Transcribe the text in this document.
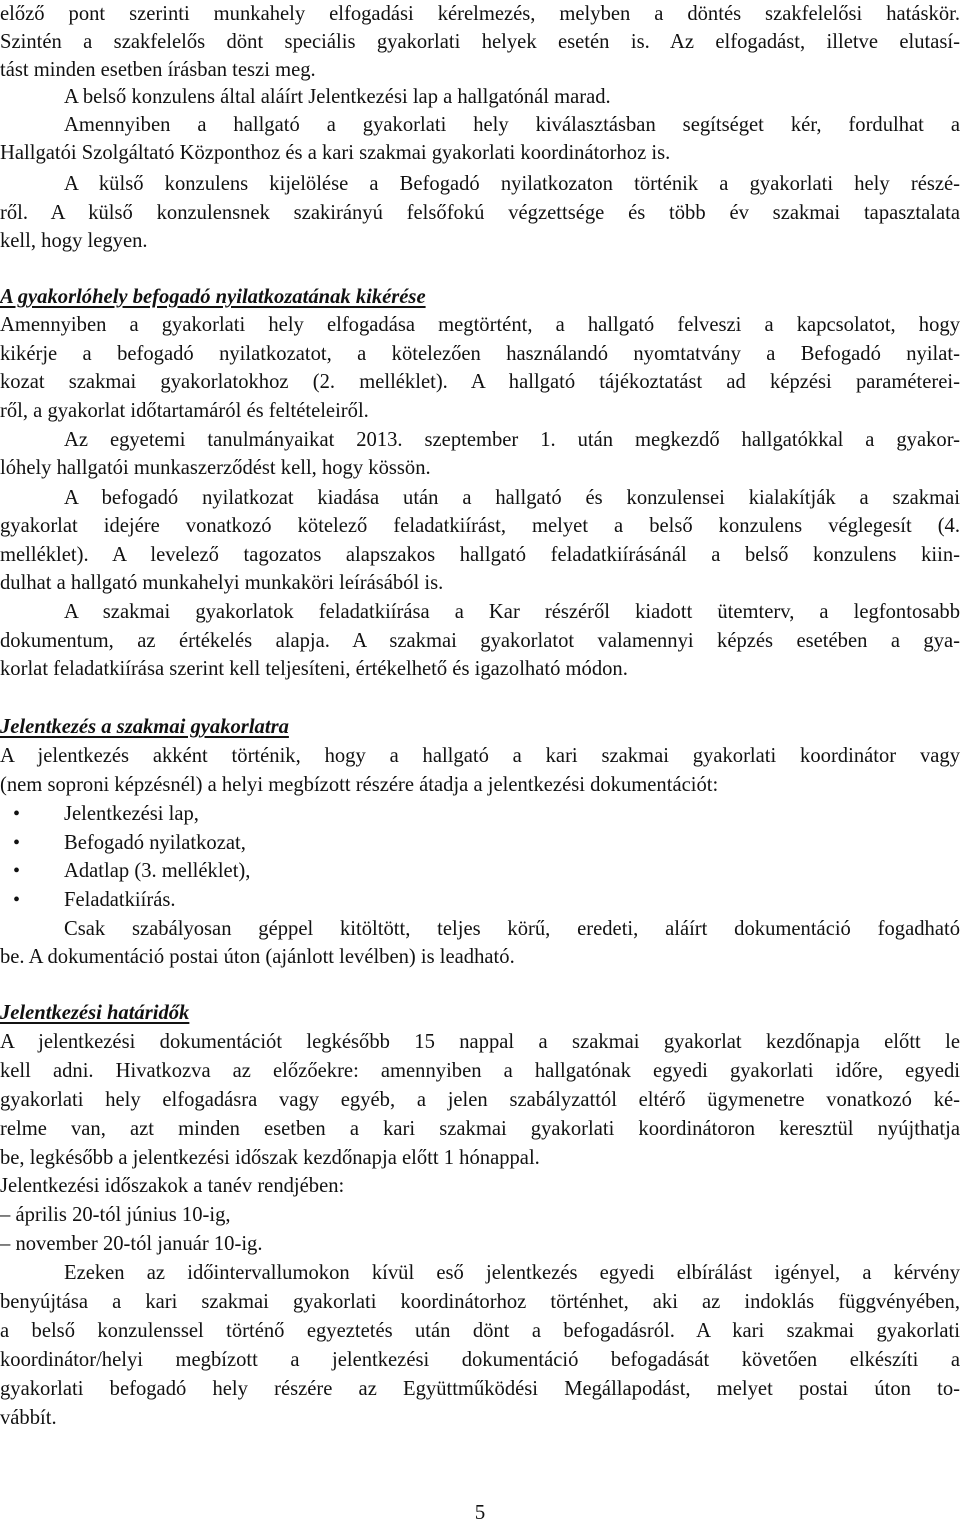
előző pont szerinti munkahely elfogadási kérelmezés, melyben a döntés szakfelelősi hatáskör.
Szintén a szakfelelős dönt speciális gyakorlati helyek esetén is. Az elfogadást, illetve elutasí-
tást minden esetben írásban teszi meg.
A belső konzulens által aláírt Jelentkezési lap a hallgatónál marad.
Amennyiben a hallgató a gyakorlati hely kiválasztásban segítséget kér, fordulhat a
Hallgatói Szolgáltató Központhoz és a kari szakmai gyakorlati koordinátorhoz is.
A külső konzulens kijelölése a Befogadó nyilatkozaton történik a gyakorlati hely részé-
ről. A külső konzulensnek szakirányú felsőfokú végzettsége és több év szakmai tapasztalata
kell, hogy legyen.
A gyakorlóhely befogadó nyilatkozatának kikérése
Amennyiben a gyakorlati hely elfogadása megtörtént, a hallgató felveszi a kapcsolatot, hogy
kikérje a befogadó nyilatkozatot, a kötelezően használandó nyomtatvány a Befogadó nyilat-
kozat szakmai gyakorlatokhoz (2. melléklet). A hallgató tájékoztatást ad képzési paraméterei-
ről, a gyakorlat időtartamáról és feltételeiről.
Az egyetemi tanulmányaikat 2013. szeptember 1. után megkezdő hallgatókkal a gyakor-
lóhely hallgatói munkaszerződést kell, hogy kössön.
A befogadó nyilatkozat kiadása után a hallgató és konzulensei kialakítják a szakmai
gyakorlat idejére vonatkozó kötelező feladatkiírást, melyet a belső konzulens véglegesít (4.
melléklet). A levelező tagozatos alapszakos hallgató feladatkiírásánál a belső konzulens kiin-
dulhat a hallgató munkahelyi munkaköri leírásából is.
A szakmai gyakorlatok feladatkiírása a Kar részéről kiadott ütemterv, a legfontosabb
dokumentum, az értékelés alapja. A szakmai gyakorlatot valamennyi képzés esetében a gya-
korlat feladatkiírása szerint kell teljesíteni, értékelhető és igazolható módon.
Jelentkezés a szakmai gyakorlatra
A jelentkezés akként történik, hogy a hallgató a kari szakmai gyakorlati koordinátor vagy
(nem soproni képzésnél) a helyi megbízott részére átadja a jelentkezési dokumentációt:
• Jelentkezési lap,
• Befogadó nyilatkozat,
• Adatlap (3. melléklet),
• Feladatkiírás.
Csak szabályosan géppel kitöltött, teljes körű, eredeti, aláírt dokumentáció fogadható
be. A dokumentáció postai úton (ajánlott levélben) is leadható.
Jelentkezési határidők
A jelentkezési dokumentációt legkésőbb 15 nappal a szakmai gyakorlat kezdőnapja előtt le
kell adni. Hivatkozva az előzőekre: amennyiben a hallgatónak egyedi gyakorlati időre, egyedi
gyakorlati hely elfogadásra vagy egyéb, a jelen szabályzattól eltérő ügymenetre vonatkozó ké-
relme van, azt minden esetben a kari szakmai gyakorlati koordinátoron keresztül nyújthatja
be, legkésőbb a jelentkezési időszak kezdőnapja előtt 1 hónappal.
Jelentkezési időszakok a tanév rendjében:
– április 20-tól június 10-ig,
– november 20-tól január 10-ig.
Ezeken az időintervallumokon kívül eső jelentkezés egyedi elbírálást igényel, a kérvény
benyújtása a kari szakmai gyakorlati koordinátorhoz történhet, aki az indoklás függvényében,
a belső konzulenssel történő egyeztetés után dönt a befogadásról. A kari szakmai gyakorlati
koordinátor/helyi megbízott a jelentkezési dokumentáció befogadását követően elkészíti a
gyakorlati befogadó hely részére az Együttműködési Megállapodást, melyet postai úton to-
vábbít.
5
